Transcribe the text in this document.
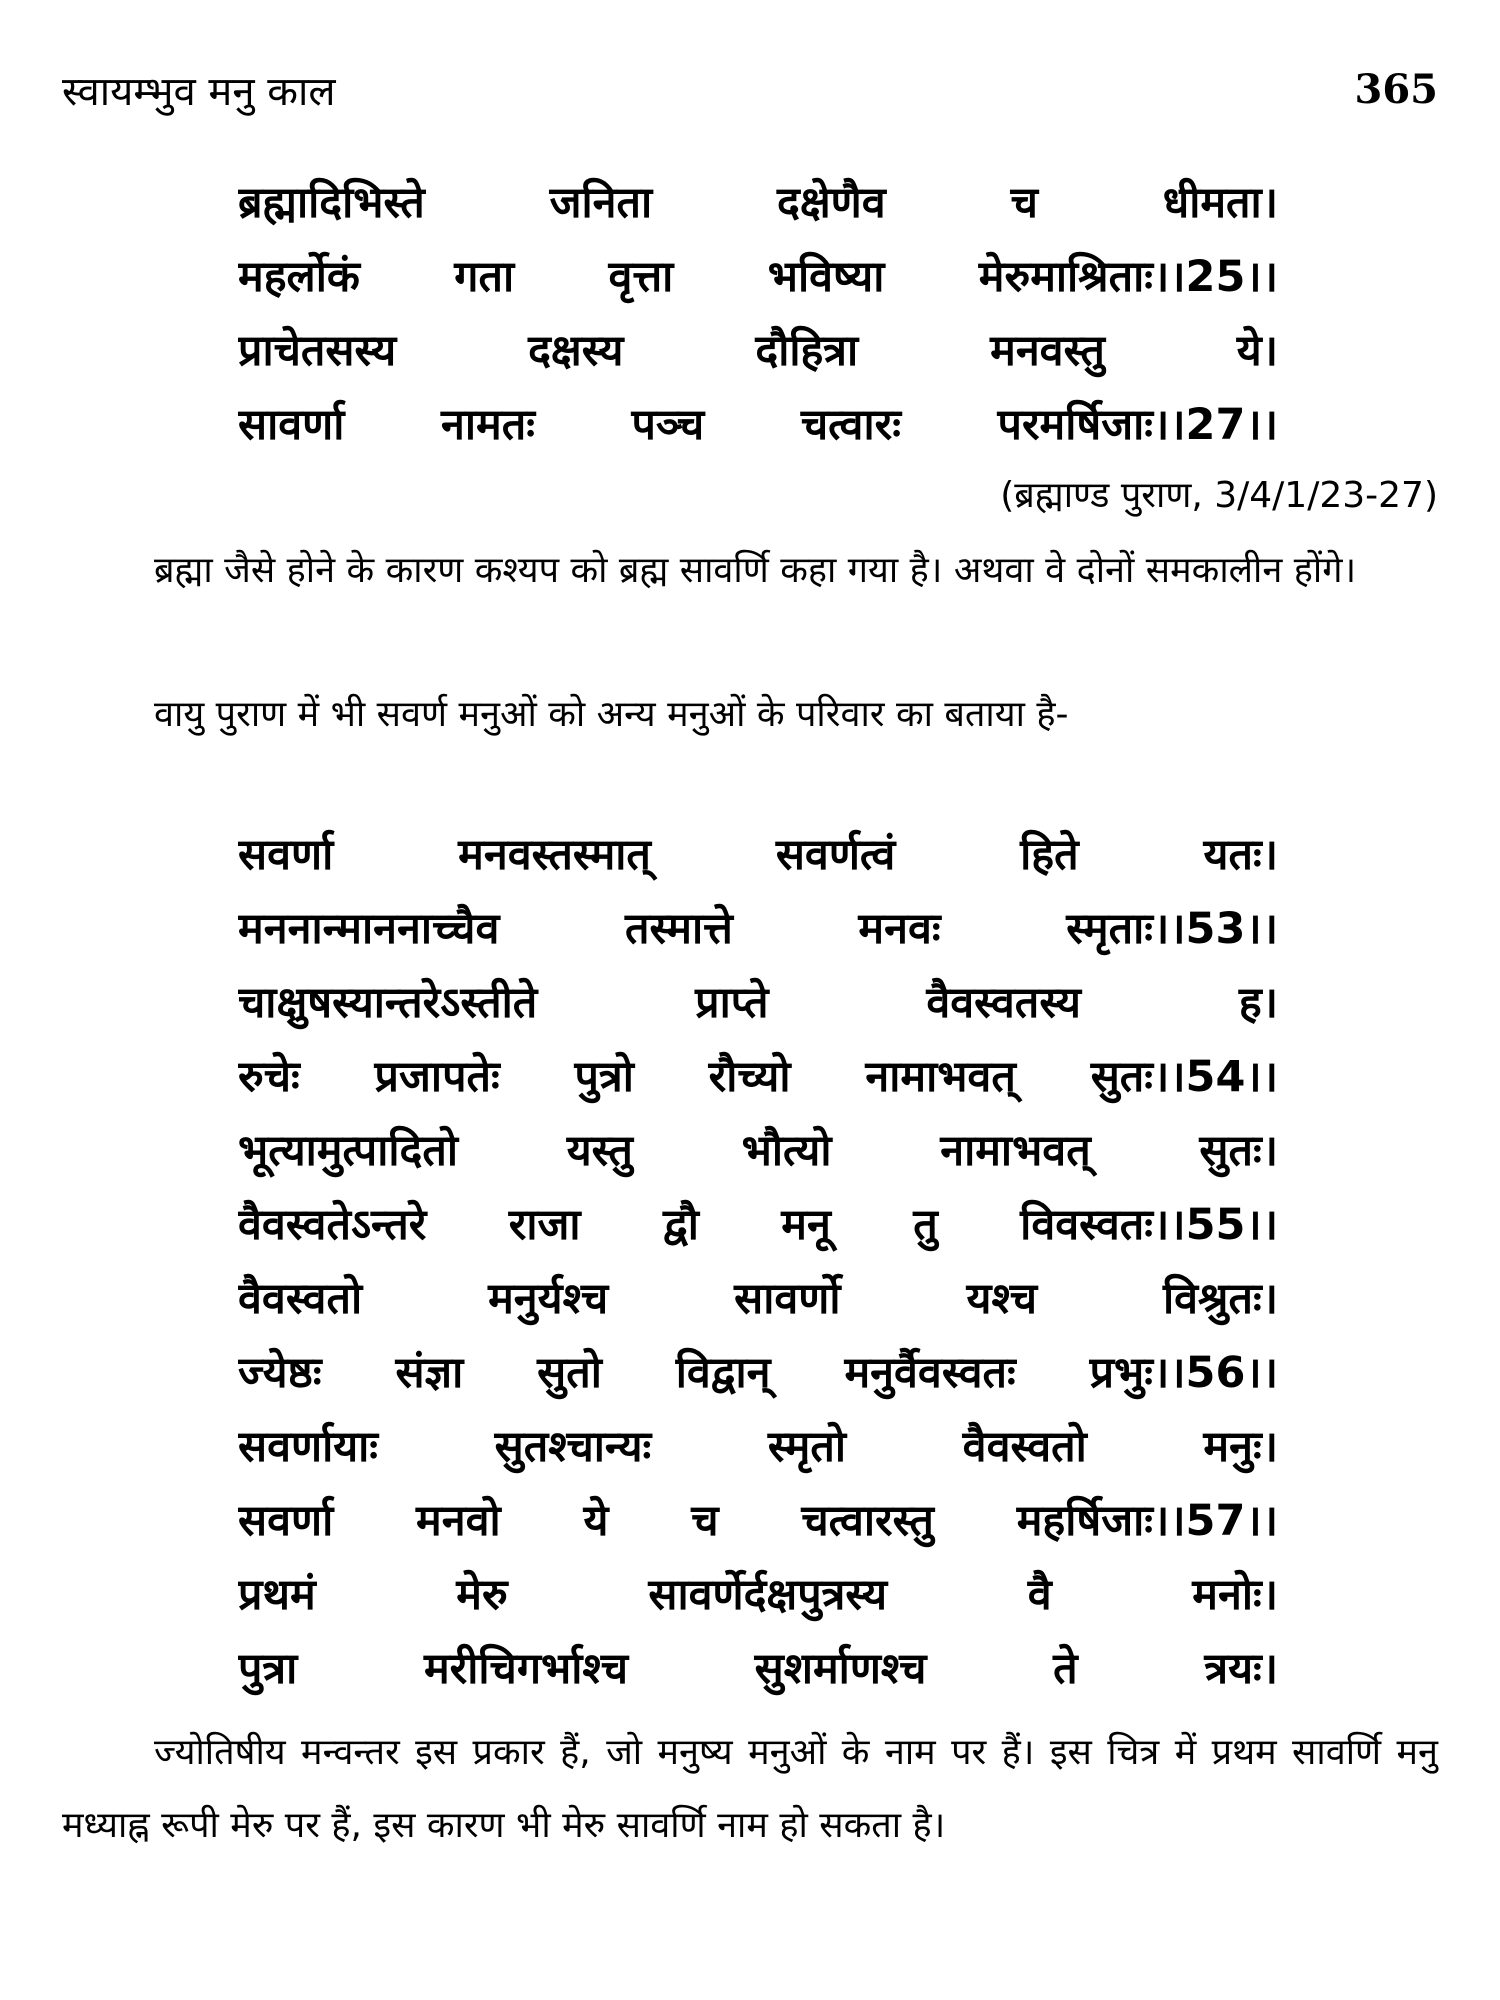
स्वायम्भुव मनु काल	365
ब्रह्मादिभिस्ते जनिता दक्षेणैव च धीमता।
महर्लोकं गता वृत्ता भविष्या मेरुमाश्रिताः।।25।।
प्राचेतसस्य दक्षस्य दौहित्रा मनवस्तु ये।
सावर्णा नामतः पञ्च चत्वारः परमर्षिजाः।।27।।
(ब्रह्माण्ड पुराण, 3/4/1/23-27)
ब्रह्मा जैसे होने के कारण कश्यप को ब्रह्म सावर्णि कहा गया है। अथवा वे दोनों समकालीन होंगे।
वायु पुराण में भी सवर्ण मनुओं को अन्य मनुओं के परिवार का बताया है-
सवर्णा मनवस्तस्मात् सवर्णत्वं हिते यतः।
मननान्माननाच्चैव तस्मात्ते मनवः स्मृताः।।53।।
चाक्षुषस्यान्तरेऽस्तीते प्राप्ते वैवस्वतस्य ह।
रुचेः प्रजापतेः पुत्रो रौच्यो नामाभवत् सुतः।।54।।
भूत्यामुत्पादितो यस्तु भौत्यो नामाभवत् सुतः।
वैवस्वतेऽन्तरे राजा द्वौ मनू तु विवस्वतः।।55।।
वैवस्वतो मनुर्यश्च सावर्णो यश्च विश्रुतः।
ज्येष्ठः संज्ञा सुतो विद्वान् मनुर्वैवस्वतः प्रभुः।।56।।
सवर्णायाः सुतश्चान्यः स्मृतो वैवस्वतो मनुः।
सवर्णा मनवो ये च चत्वारस्तु महर्षिजाः।।57।।
प्रथमं मेरु सावर्णेर्दक्षपुत्रस्य वै मनोः।
पुत्रा मरीचिगर्भाश्च सुशर्माणश्च ते त्रयः।
ज्योतिषीय मन्वन्तर इस प्रकार हैं, जो मनुष्य मनुओं के नाम पर हैं। इस चित्र में प्रथम सावर्णि मनु मध्याह्न रूपी मेरु पर हैं, इस कारण भी मेरु सावर्णि नाम हो सकता है।
